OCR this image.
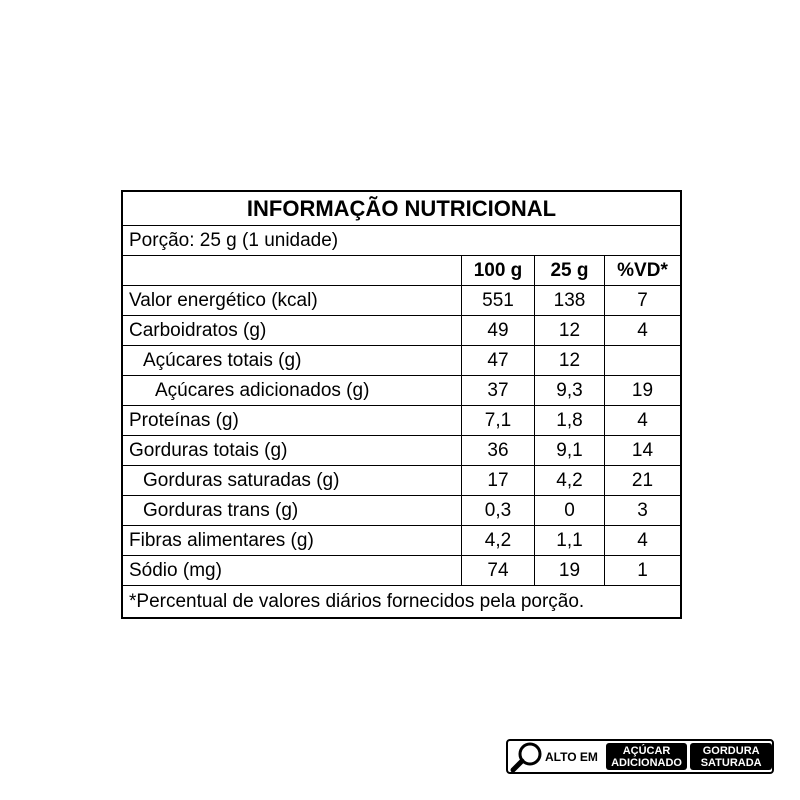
INFORMAÇÃO NUTRICIONAL
Porção: 25 g (1 unidade)
100 g	25 g	%VD*
Valor energético (kcal)	551	138	7
Carboidratos (g)	49	12	4
Açúcares totais (g)	47	12
Açúcares adicionados (g)	37	9,3	19
Proteínas (g)	7,1	1,8	4
Gorduras totais (g)	36	9,1	14
Gorduras saturadas (g)	17	4,2	21
Gorduras trans (g)	0,3	0	3
Fibras alimentares (g)	4,2	1,1	4
Sódio (mg)	74	19	1
*Percentual de valores diários fornecidos pela porção.
ALTO EM	AÇÚCAR
ADICIONADO
GORDURA
SATURADA
